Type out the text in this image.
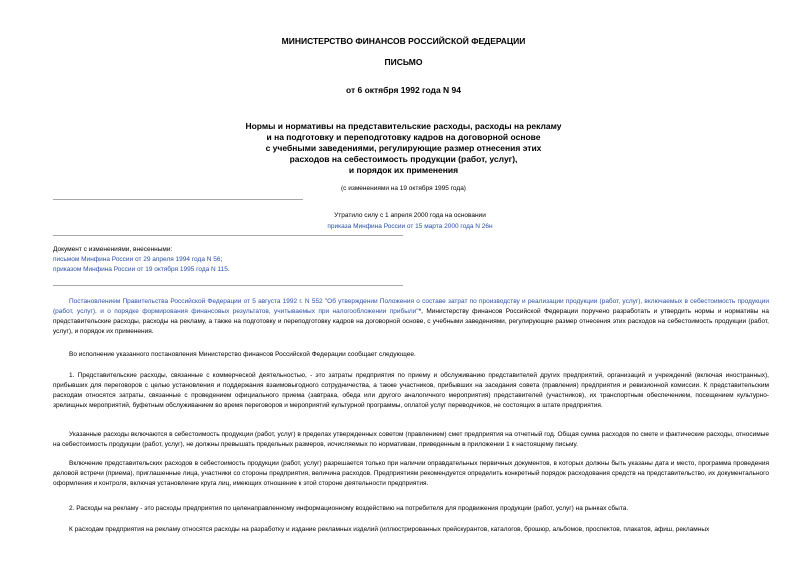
МИНИСТЕРСТВО ФИНАНСОВ РОССИЙСКОЙ ФЕДЕРАЦИИ
ПИСЬМО
от 6 октября 1992 года N 94
Нормы и нормативы на представительские расходы, расходы на рекламу
и на подготовку и переподготовку кадров на договорной основе
с учебными заведениями, регулирующие размер отнесения этих
расходов на себестоимость продукции (работ, услуг),
и порядок их применения
(с изменениями на 19 октября 1995 года)
Утратило силу с 1 апреля 2000 года на основании
приказа Минфина России от 15 марта 2000 года N 26н
Документ с изменениями, внесенными:
письмом Минфина России от 29 апреля 1994 года N 56;
приказом Минфина России от 19 октября 1995 года N 115.
Постановлением Правительства Российской Федерации от 5 августа 1992 г. N 552 "Об утверждении Положения о составе затрат по производству и реализации продукции (работ, услуг), включаемых в себестоимость продукции (работ, услуг), и о порядке формирования финансовых результатов, учитываемых при налогообложении прибыли"*, Министерству финансов Российской Федерации поручено разработать и утвердить нормы и нормативы на представительские расходы, расходы на рекламу, а также на подготовку и переподготовку кадров на договорной основе, с учебными заведениями, регулирующие размер отнесения этих расходов на себестоимость продукции (работ, услуг), и порядок их применения.
Во исполнение указанного постановления Министерство финансов Российской Федерации сообщает следующее.
1. Представительские расходы, связанные с коммерческой деятельностью, - это затраты предприятия по приему и обслуживанию представителей других предприятий, организаций и учреждений (включая иностранных), прибывших для переговоров с целью установления и поддержания взаимовыгодного сотрудничества, а также участников, прибывших на заседания совета (правления) предприятия и ревизионной комиссии. К представительским расходам относятся затраты, связанные с проведением официального приема (завтрака, обеда или другого аналогичного мероприятия) представителей (участников), их транспортным обеспечением, посещением культурно-зрелищных мероприятий, буфетным обслуживанием во время переговоров и мероприятий культурной программы, оплатой услуг переводчиков, не состоящих в штате предприятия.
Указанные расходы включаются в себестоимость продукции (работ, услуг) в пределах утвержденных советом (правлением) смет предприятия на отчетный год. Общая сумма расходов по смете и фактические расходы, относимые на себестоимость продукции (работ, услуг), не должны превышать предельных размеров, исчисляемых по нормативам, приведенным в приложении 1 к настоящему письму.
Включение представительских расходов в себестоимость продукции (работ, услуг) разрешается только при наличии оправдательных первичных документов, в которых должны быть указаны дата и место, программа проведения деловой встречи (приема), приглашенные лица, участники со стороны предприятия, величина расходов. Предприятиям рекомендуется определить конкретный порядок расходования средств на представительство, их документального оформления и контроля, включая установление круга лиц, имеющих отношение к этой стороне деятельности предприятия.
2. Расходы на рекламу - это расходы предприятия по целенаправленному информационному воздействию на потребителя для продвижения продукции (работ, услуг) на рынках сбыта.
К расходам предприятия на рекламу относятся расходы на разработку и издание рекламных изделий (иллюстрированных прейскурантов, каталогов, брошюр, альбомов, проспектов, плакатов, афиш, рекламных
